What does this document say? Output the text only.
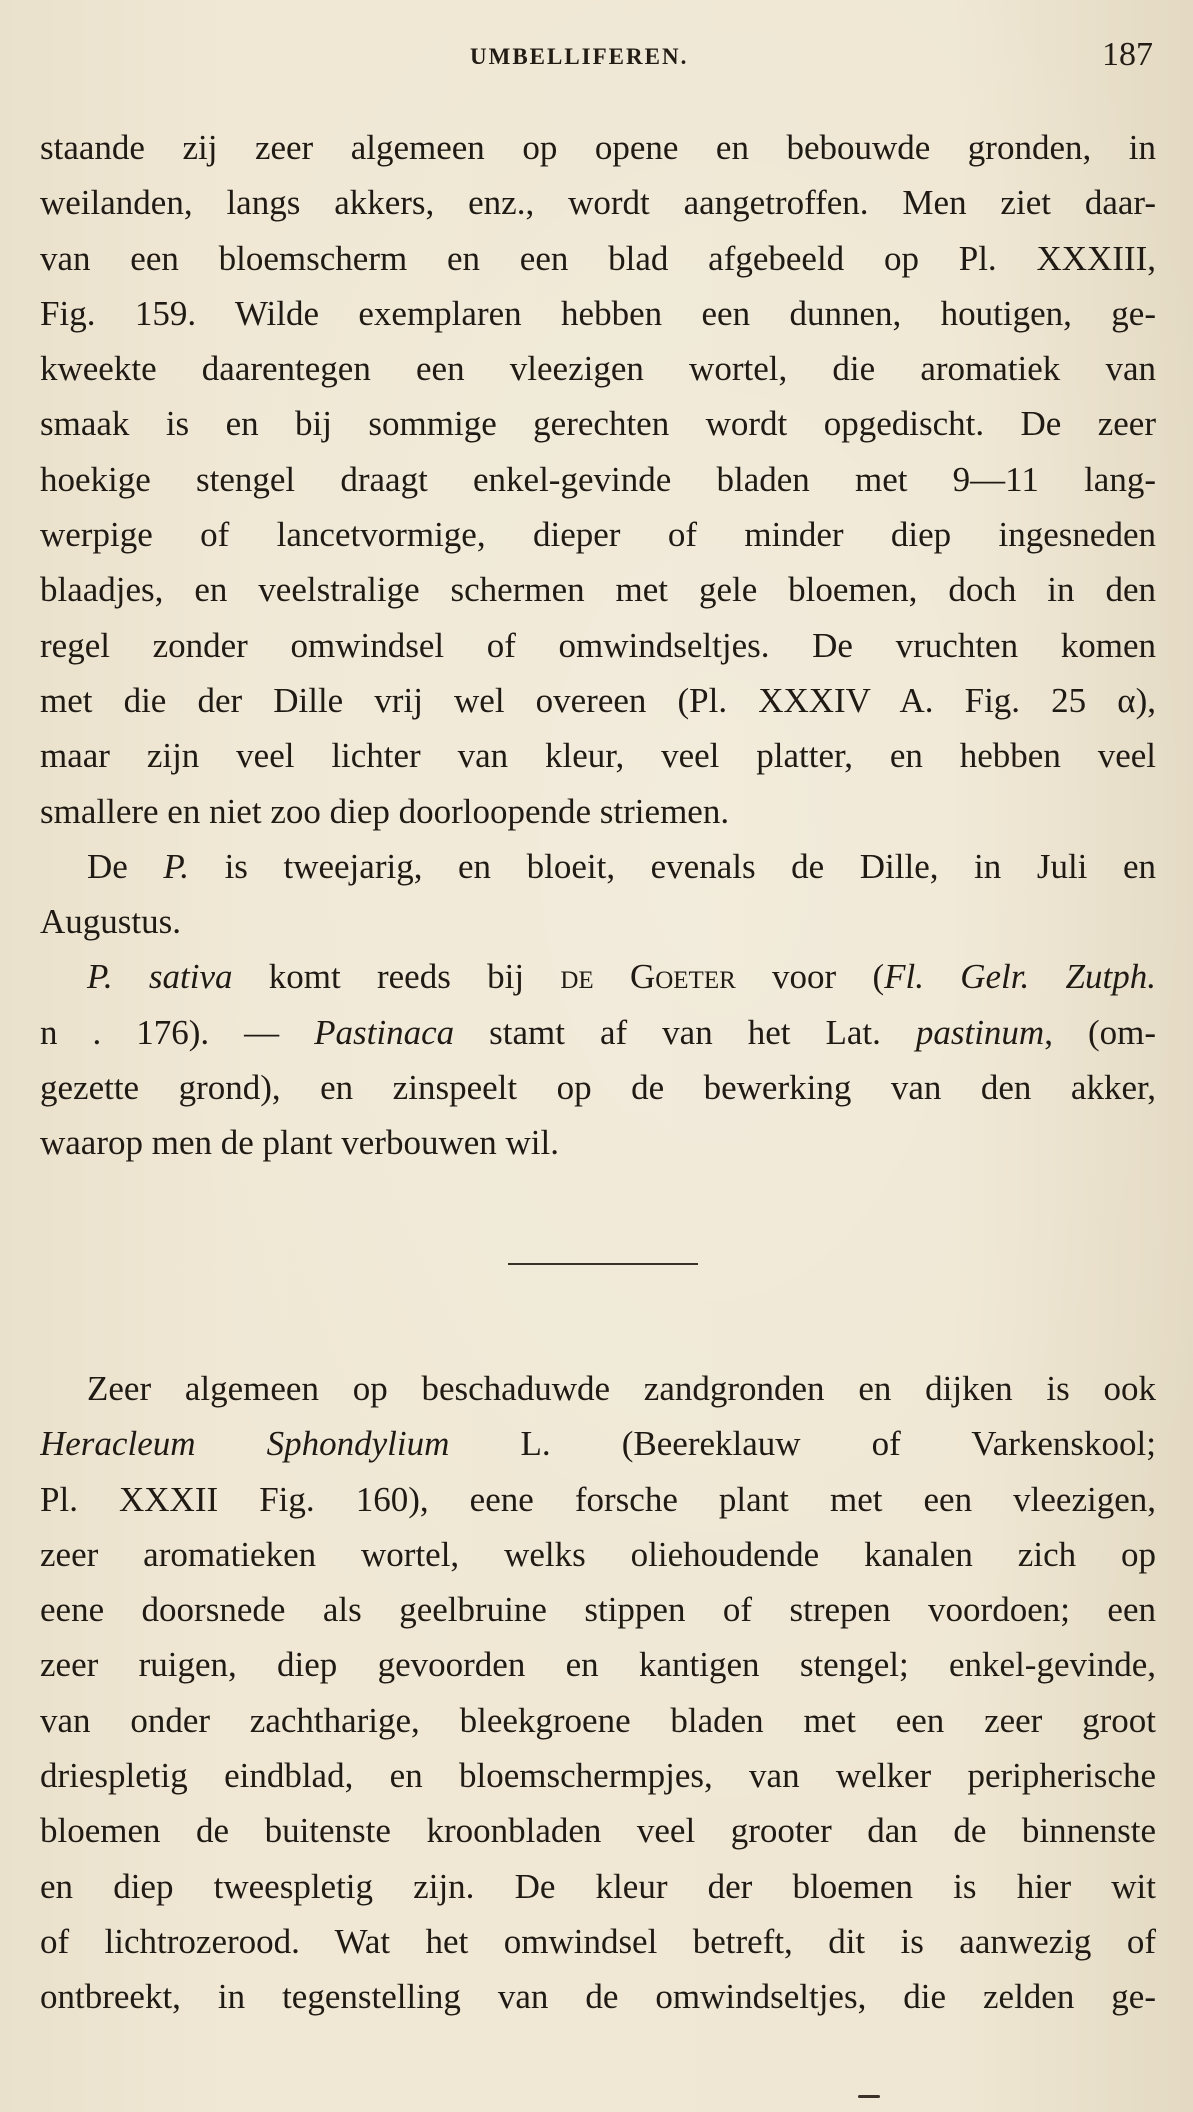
UMBELLIFEREN.	187
staande zij zeer algemeen op opene en bebouwde gronden, in
weilanden, langs akkers, enz., wordt aangetroffen. Men ziet daar-
van een bloemscherm en een blad afgebeeld op Pl. XXXIII,
Fig. 159. Wilde exemplaren hebben een dunnen, houtigen, ge-
kweekte daarentegen een vleezigen wortel, die aromatiek van
smaak is en bij sommige gerechten wordt opgedischt. De zeer
hoekige stengel draagt enkel-gevinde bladen met 9—11 lang-
werpige of lancetvormige, dieper of minder diep ingesneden
blaadjes, en veelstralige schermen met gele bloemen, doch in den
regel zonder omwindsel of omwindseltjes. De vruchten komen
met die der Dille vrij wel overeen (Pl. XXXIV A. Fig. 25 α),
maar zijn veel lichter van kleur, veel platter, en hebben veel
smallere en niet zoo diep doorloopende striemen.
De P. is tweejarig, en bloeit, evenals de Dille, in Juli en
Augustus.
P. sativa komt reeds bij de Goeter voor (Fl. Gelr. Zutph.
n . 176). — Pastinaca stamt af van het Lat. pastinum, (om-
gezette grond), en zinspeelt op de bewerking van den akker,
waarop men de plant verbouwen wil.
Zeer algemeen op beschaduwde zandgronden en dijken is ook
Heracleum Sphondylium L. (Beereklauw of Varkenskool;
Pl. XXXII Fig. 160), eene forsche plant met een vleezigen,
zeer aromatieken wortel, welks oliehoudende kanalen zich op
eene doorsnede als geelbruine stippen of strepen voordoen; een
zeer ruigen, diep gevoorden en kantigen stengel; enkel-gevinde,
van onder zachtharige, bleekgroene bladen met een zeer groot
driespletig eindblad, en bloemschermpjes, van welker peripherische
bloemen de buitenste kroonbladen veel grooter dan de binnenste
en diep tweespletig zijn. De kleur der bloemen is hier wit
of lichtrozerood. Wat het omwindsel betreft, dit is aanwezig of
ontbreekt, in tegenstelling van de omwindseltjes, die zelden ge-
